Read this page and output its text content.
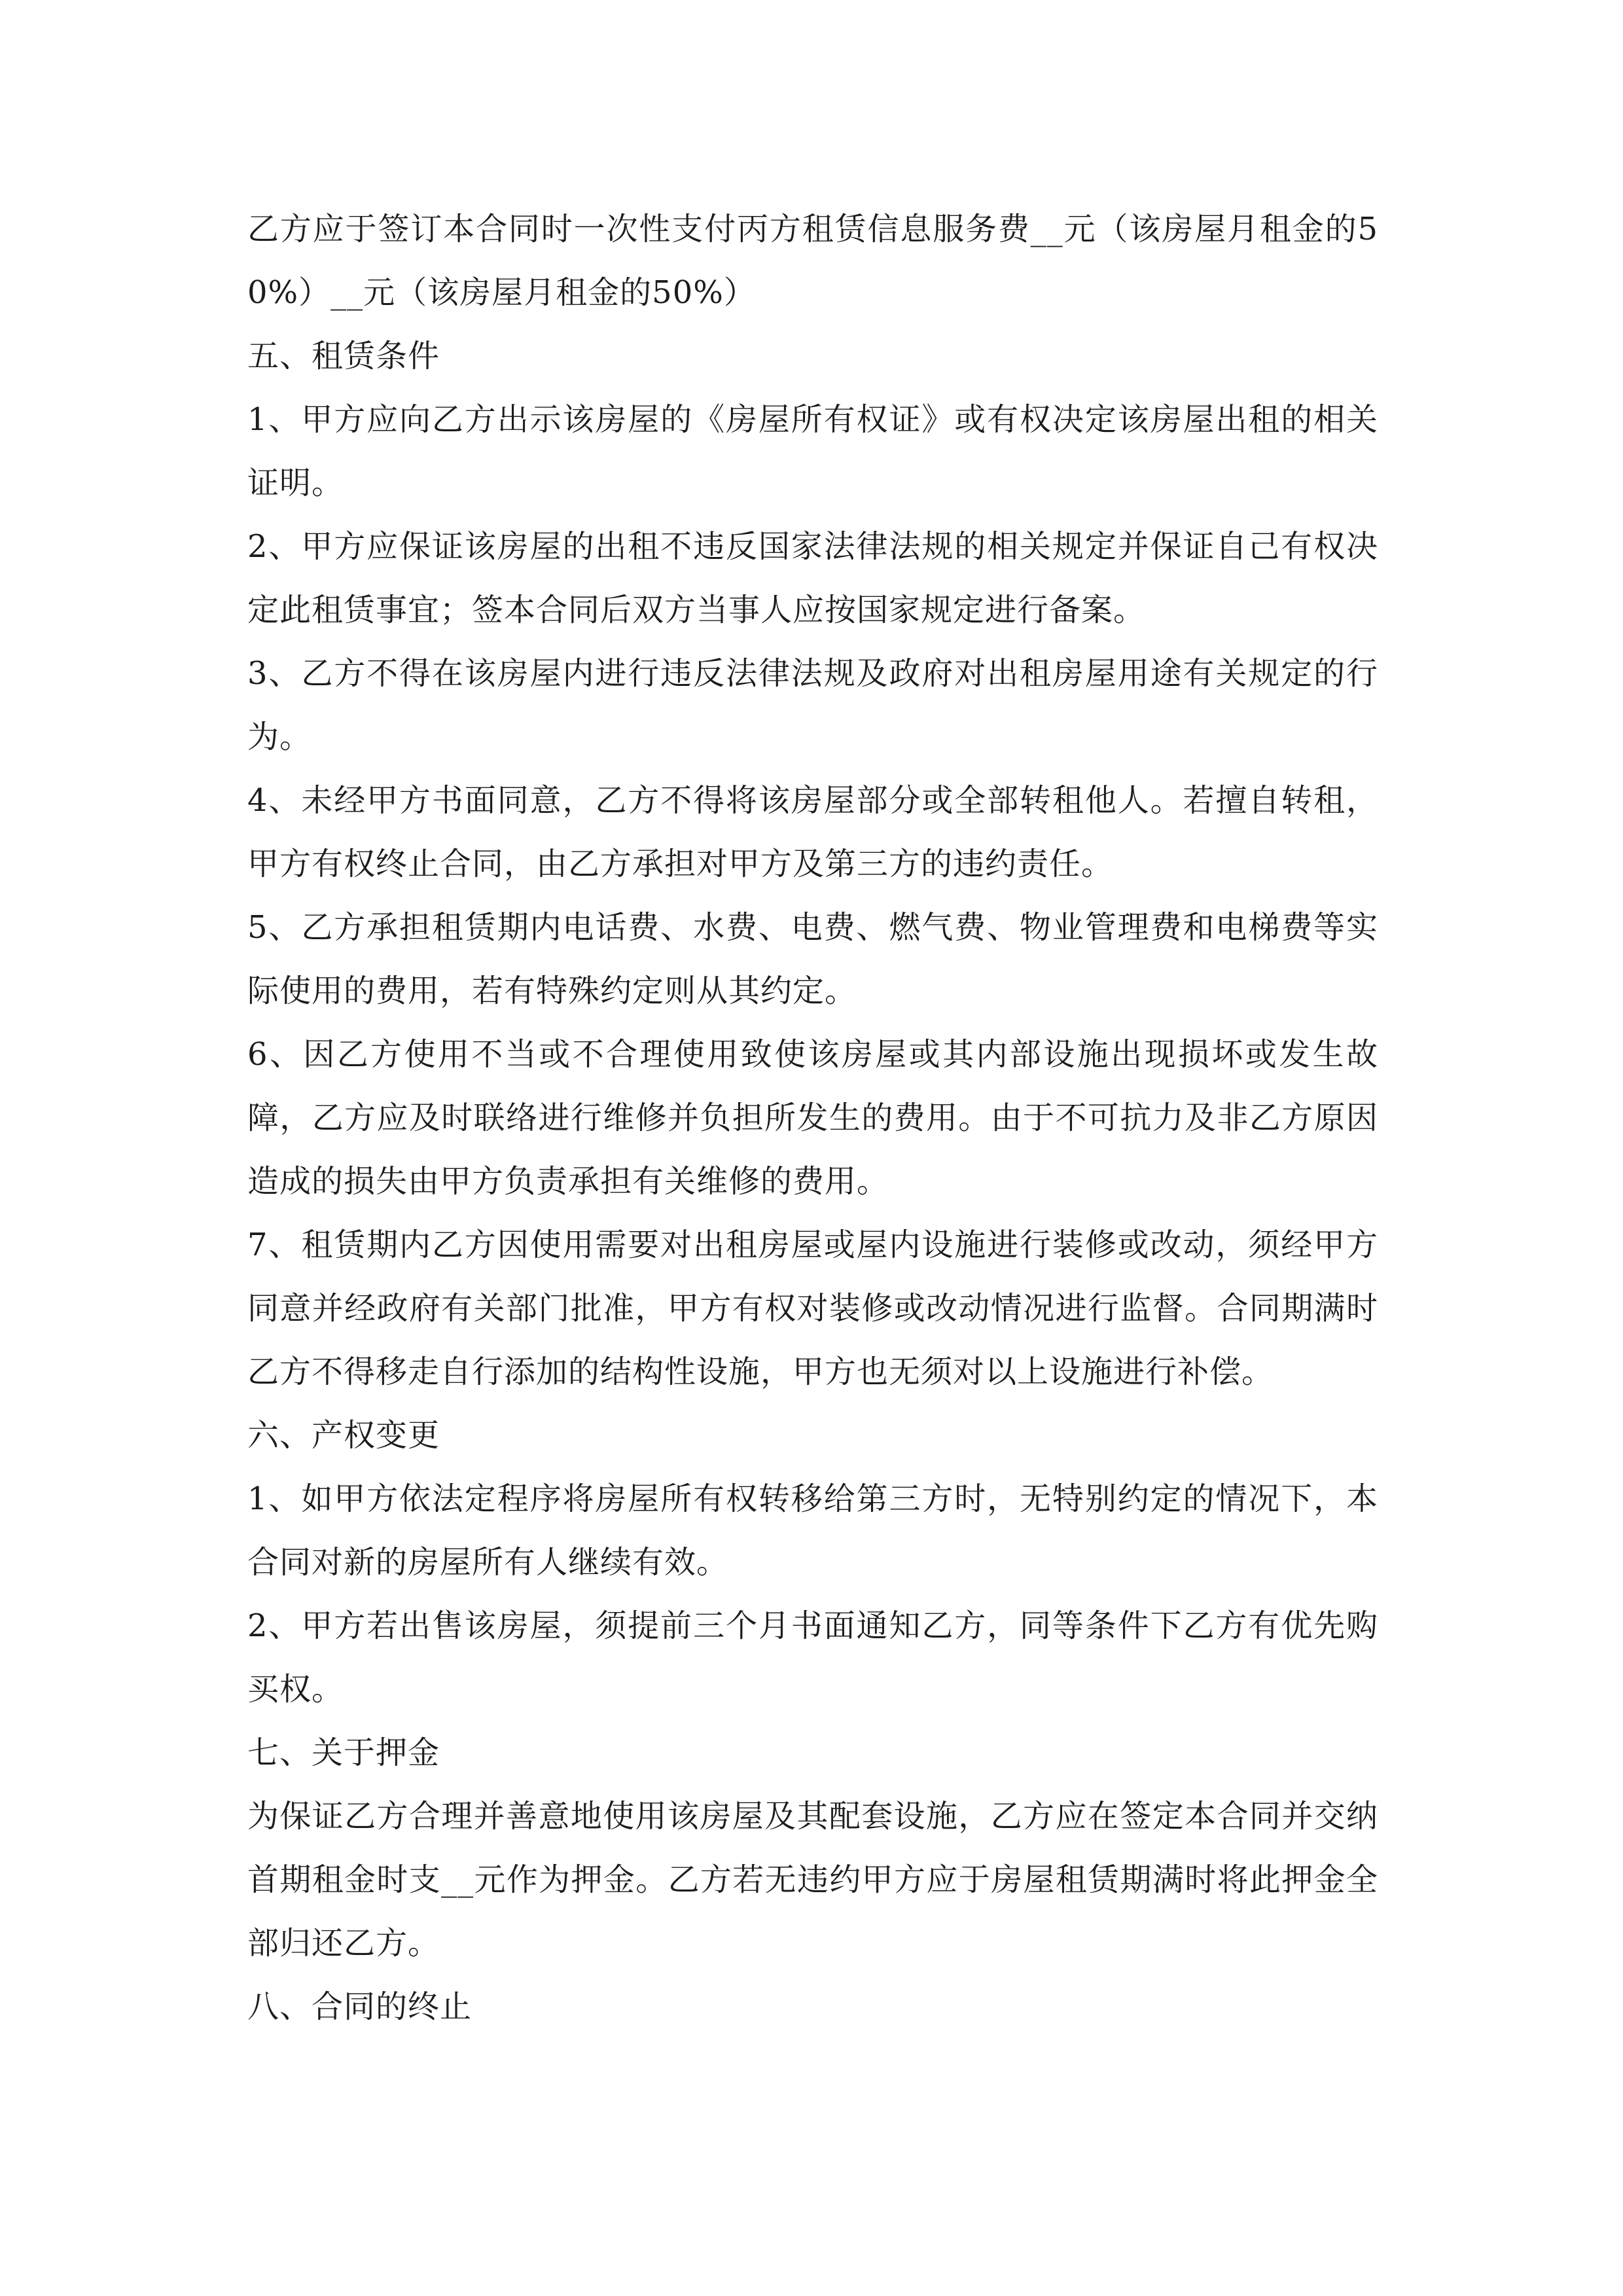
乙方应于签订本合同时一次性支付丙方租赁信息服务费__元（该房屋月租金的50%）__元（该房屋月租金的50%）

五、租赁条件

1、甲方应向乙方出示该房屋的《房屋所有权证》或有权决定该房屋出租的相关证明。

2、甲方应保证该房屋的出租不违反国家法律法规的相关规定并保证自己有权决定此租赁事宜；签本合同后双方当事人应按国家规定进行备案。

3、乙方不得在该房屋内进行违反法律法规及政府对出租房屋用途有关规定的行为。

4、未经甲方书面同意，乙方不得将该房屋部分或全部转租他人。若擅自转租，甲方有权终止合同，由乙方承担对甲方及第三方的违约责任。

5、乙方承担租赁期内电话费、水费、电费、燃气费、物业管理费和电梯费等实际使用的费用，若有特殊约定则从其约定。

6、因乙方使用不当或不合理使用致使该房屋或其内部设施出现损坏或发生故障，乙方应及时联络进行维修并负担所发生的费用。由于不可抗力及非乙方原因造成的损失由甲方负责承担有关维修的费用。

7、租赁期内乙方因使用需要对出租房屋或屋内设施进行装修或改动，须经甲方同意并经政府有关部门批准，甲方有权对装修或改动情况进行监督。合同期满时乙方不得移走自行添加的结构性设施，甲方也无须对以上设施进行补偿。

六、产权变更

1、如甲方依法定程序将房屋所有权转移给第三方时，无特别约定的情况下，本合同对新的房屋所有人继续有效。

2、甲方若出售该房屋，须提前三个月书面通知乙方，同等条件下乙方有优先购买权。

七、关于押金

为保证乙方合理并善意地使用该房屋及其配套设施，乙方应在签定本合同并交纳首期租金时支__元作为押金。乙方若无违约甲方应于房屋租赁期满时将此押金全部归还乙方。

八、合同的终止
